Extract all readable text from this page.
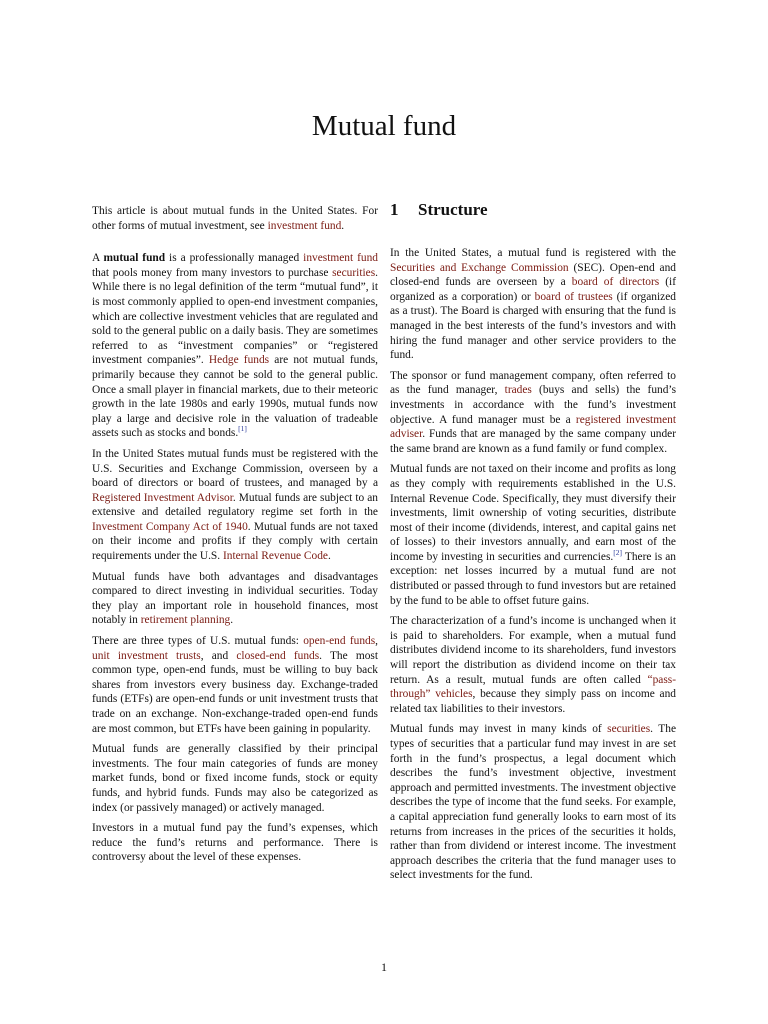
Mutual fund

This article is about mutual funds in the United States. For other forms of mutual investment, see investment fund.

A mutual fund is a professionally managed investment fund that pools money from many investors to purchase securities. While there is no legal definition of the term “mutual fund”, it is most commonly applied to open-end investment companies, which are collective investment vehicles that are regulated and sold to the general public on a daily basis. They are sometimes referred to as “investment companies” or “registered investment companies”. Hedge funds are not mutual funds, primarily because they cannot be sold to the general public. Once a small player in financial markets, due to their meteoric growth in the late 1980s and early 1990s, mutual funds now play a large and decisive role in the valuation of tradeable assets such as stocks and bonds.[1]

In the United States mutual funds must be registered with the U.S. Securities and Exchange Commission, overseen by a board of directors or board of trustees, and managed by a Registered Investment Advisor. Mutual funds are subject to an extensive and detailed regulatory regime set forth in the Investment Company Act of 1940. Mutual funds are not taxed on their income and profits if they comply with certain requirements under the U.S. Internal Revenue Code.

Mutual funds have both advantages and disadvantages compared to direct investing in individual securities. Today they play an important role in household finances, most notably in retirement planning.

There are three types of U.S. mutual funds: open-end funds, unit investment trusts, and closed-end funds. The most common type, open-end funds, must be willing to buy back shares from investors every business day. Exchange-traded funds (ETFs) are open-end funds or unit investment trusts that trade on an exchange. Non-exchange-traded open-end funds are most common, but ETFs have been gaining in popularity.

Mutual funds are generally classified by their principal investments. The four main categories of funds are money market funds, bond or fixed income funds, stock or equity funds, and hybrid funds. Funds may also be categorized as index (or passively managed) or actively managed.

Investors in a mutual fund pay the fund’s expenses, which reduce the fund’s returns and performance. There is controversy about the level of these expenses.

1 Structure

In the United States, a mutual fund is registered with the Securities and Exchange Commission (SEC). Open-end and closed-end funds are overseen by a board of directors (if organized as a corporation) or board of trustees (if organized as a trust). The Board is charged with ensuring that the fund is managed in the best interests of the fund’s investors and with hiring the fund manager and other service providers to the fund.

The sponsor or fund management company, often referred to as the fund manager, trades (buys and sells) the fund’s investments in accordance with the fund’s investment objective. A fund manager must be a registered investment adviser. Funds that are managed by the same company under the same brand are known as a fund family or fund complex.

Mutual funds are not taxed on their income and profits as long as they comply with requirements established in the U.S. Internal Revenue Code. Specifically, they must diversify their investments, limit ownership of voting securities, distribute most of their income (dividends, interest, and capital gains net of losses) to their investors annually, and earn most of the income by investing in securities and currencies.[2] There is an exception: net losses incurred by a mutual fund are not distributed or passed through to fund investors but are retained by the fund to be able to offset future gains.

The characterization of a fund’s income is unchanged when it is paid to shareholders. For example, when a mutual fund distributes dividend income to its shareholders, fund investors will report the distribution as dividend income on their tax return. As a result, mutual funds are often called “pass-through” vehicles, because they simply pass on income and related tax liabilities to their investors.

Mutual funds may invest in many kinds of securities. The types of securities that a particular fund may invest in are set forth in the fund’s prospectus, a legal document which describes the fund’s investment objective, investment approach and permitted investments. The investment objective describes the type of income that the fund seeks. For example, a capital appreciation fund generally looks to earn most of its returns from increases in the prices of the securities it holds, rather than from dividend or interest income. The investment approach describes the criteria that the fund manager uses to select investments for the fund.

1
